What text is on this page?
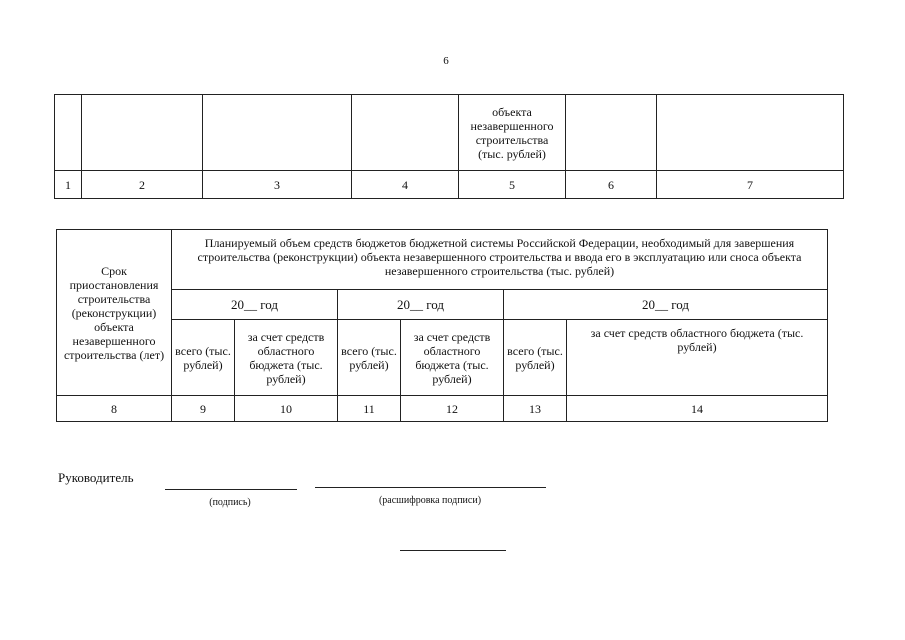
6
				объекта незавершенного строительства (тыс. рублей)		
1	2	3	4	5	6	7
Срок приостановления строительства (реконструкции) объекта незавершенного строительства (лет)	Планируемый объем средств бюджетов бюджетной системы Российской Федерации, необходимый для завершения строительства (реконструкции) объекта незавершенного строительства и ввода его в эксплуатацию или сноса объекта незавершенного строительства (тыс. рублей)					
	20__ год		20__ год		20__ год	
	всего (тыс. рублей)	за счет средств областного бюджета (тыс. рублей)	всего (тыс. рублей)	за счет средств областного бюджета (тыс. рублей)	всего (тыс. рублей)	за счет средств областного бюджета (тыс. рублей)
8	9	10	11	12	13	14
Руководитель
(подпись)	(расшифровка подписи)
